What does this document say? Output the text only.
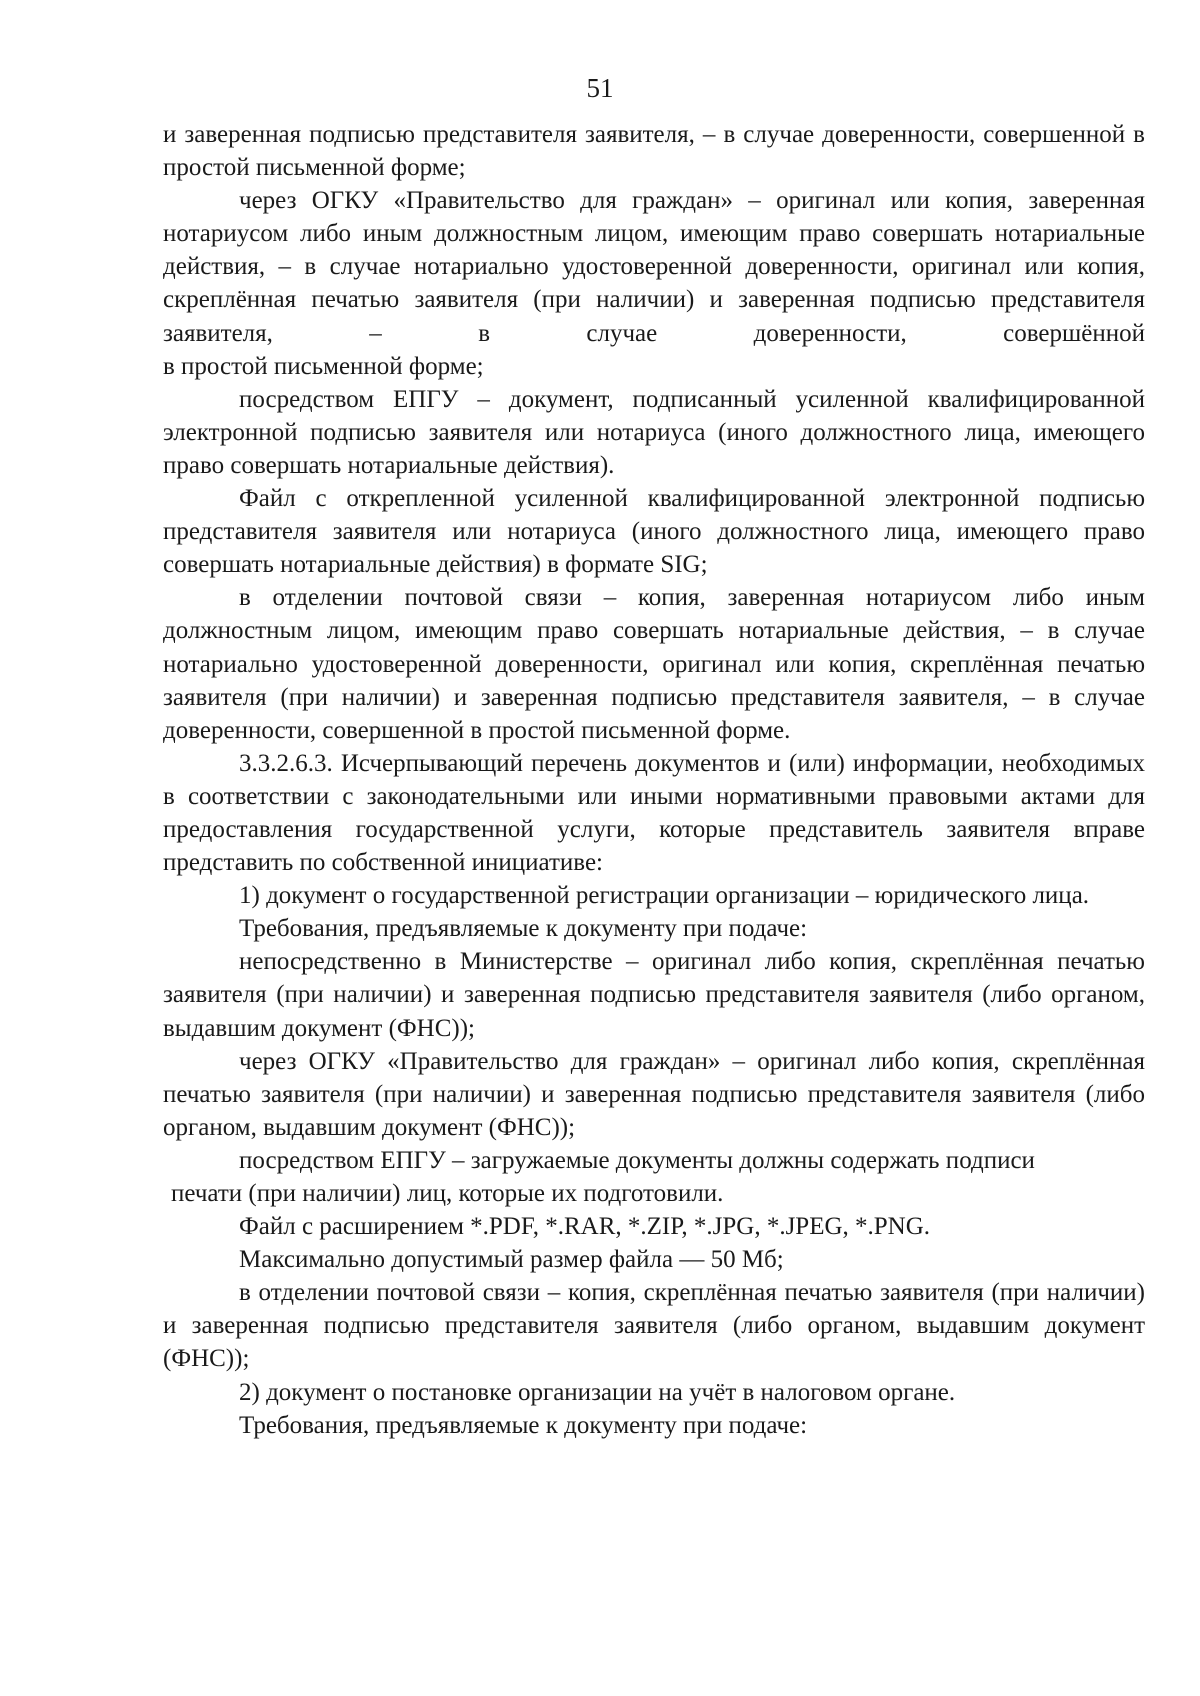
51

и заверенная подписью представителя заявителя, – в случае доверенности, совершенной в простой письменной форме;

через ОГКУ «Правительство для граждан» – оригинал или копия, заверенная нотариусом либо иным должностным лицом, имеющим право совершать нотариальные действия, – в случае нотариально удостоверенной доверенности, оригинал или копия, скреплённая печатью заявителя (при наличии) и заверенная подписью представителя заявителя, – в случае доверенности, совершённой

в простой письменной форме;

посредством ЕПГУ – документ, подписанный усиленной квалифицированной электронной подписью заявителя или нотариуса (иного должностного лица, имеющего право совершать нотариальные действия).

Файл с открепленной усиленной квалифицированной электронной подписью представителя заявителя или нотариуса (иного должностного лица, имеющего право совершать нотариальные действия) в формате SIG;

в отделении почтовой связи – копия, заверенная нотариусом либо иным должностным лицом, имеющим право совершать нотариальные действия, – в случае нотариально удостоверенной доверенности, оригинал или копия, скреплённая печатью заявителя (при наличии) и заверенная подписью представителя заявителя, – в случае доверенности, совершенной в простой письменной форме.

3.3.2.6.3. Исчерпывающий перечень документов и (или) информации, необходимых в соответствии с законодательными или иными нормативными правовыми актами для предоставления государственной услуги, которые представитель заявителя вправе представить по собственной инициативе:

1) документ о государственной регистрации организации – юридического лица.

Требования, предъявляемые к документу при подаче:

непосредственно в Министерстве – оригинал либо копия, скреплённая печатью заявителя (при наличии) и заверенная подписью представителя заявителя (либо органом, выдавшим документ (ФНС));

через ОГКУ «Правительство для граждан» – оригинал либо копия, скреплённая печатью заявителя (при наличии) и заверенная подписью представителя заявителя (либо органом, выдавшим документ (ФНС));

посредством ЕПГУ – загружаемые документы должны содержать подписи

печати (при наличии) лиц, которые их подготовили.

Файл с расширением *.PDF, *.RAR, *.ZIP, *.JPG, *.JPEG, *.PNG.

Максимально допустимый размер файла — 50 Мб;

в отделении почтовой связи – копия, скреплённая печатью заявителя (при наличии) и заверенная подписью представителя заявителя (либо органом, выдавшим документ (ФНС));

2) документ о постановке организации на учёт в налоговом органе.

Требования, предъявляемые к документу при подаче:
